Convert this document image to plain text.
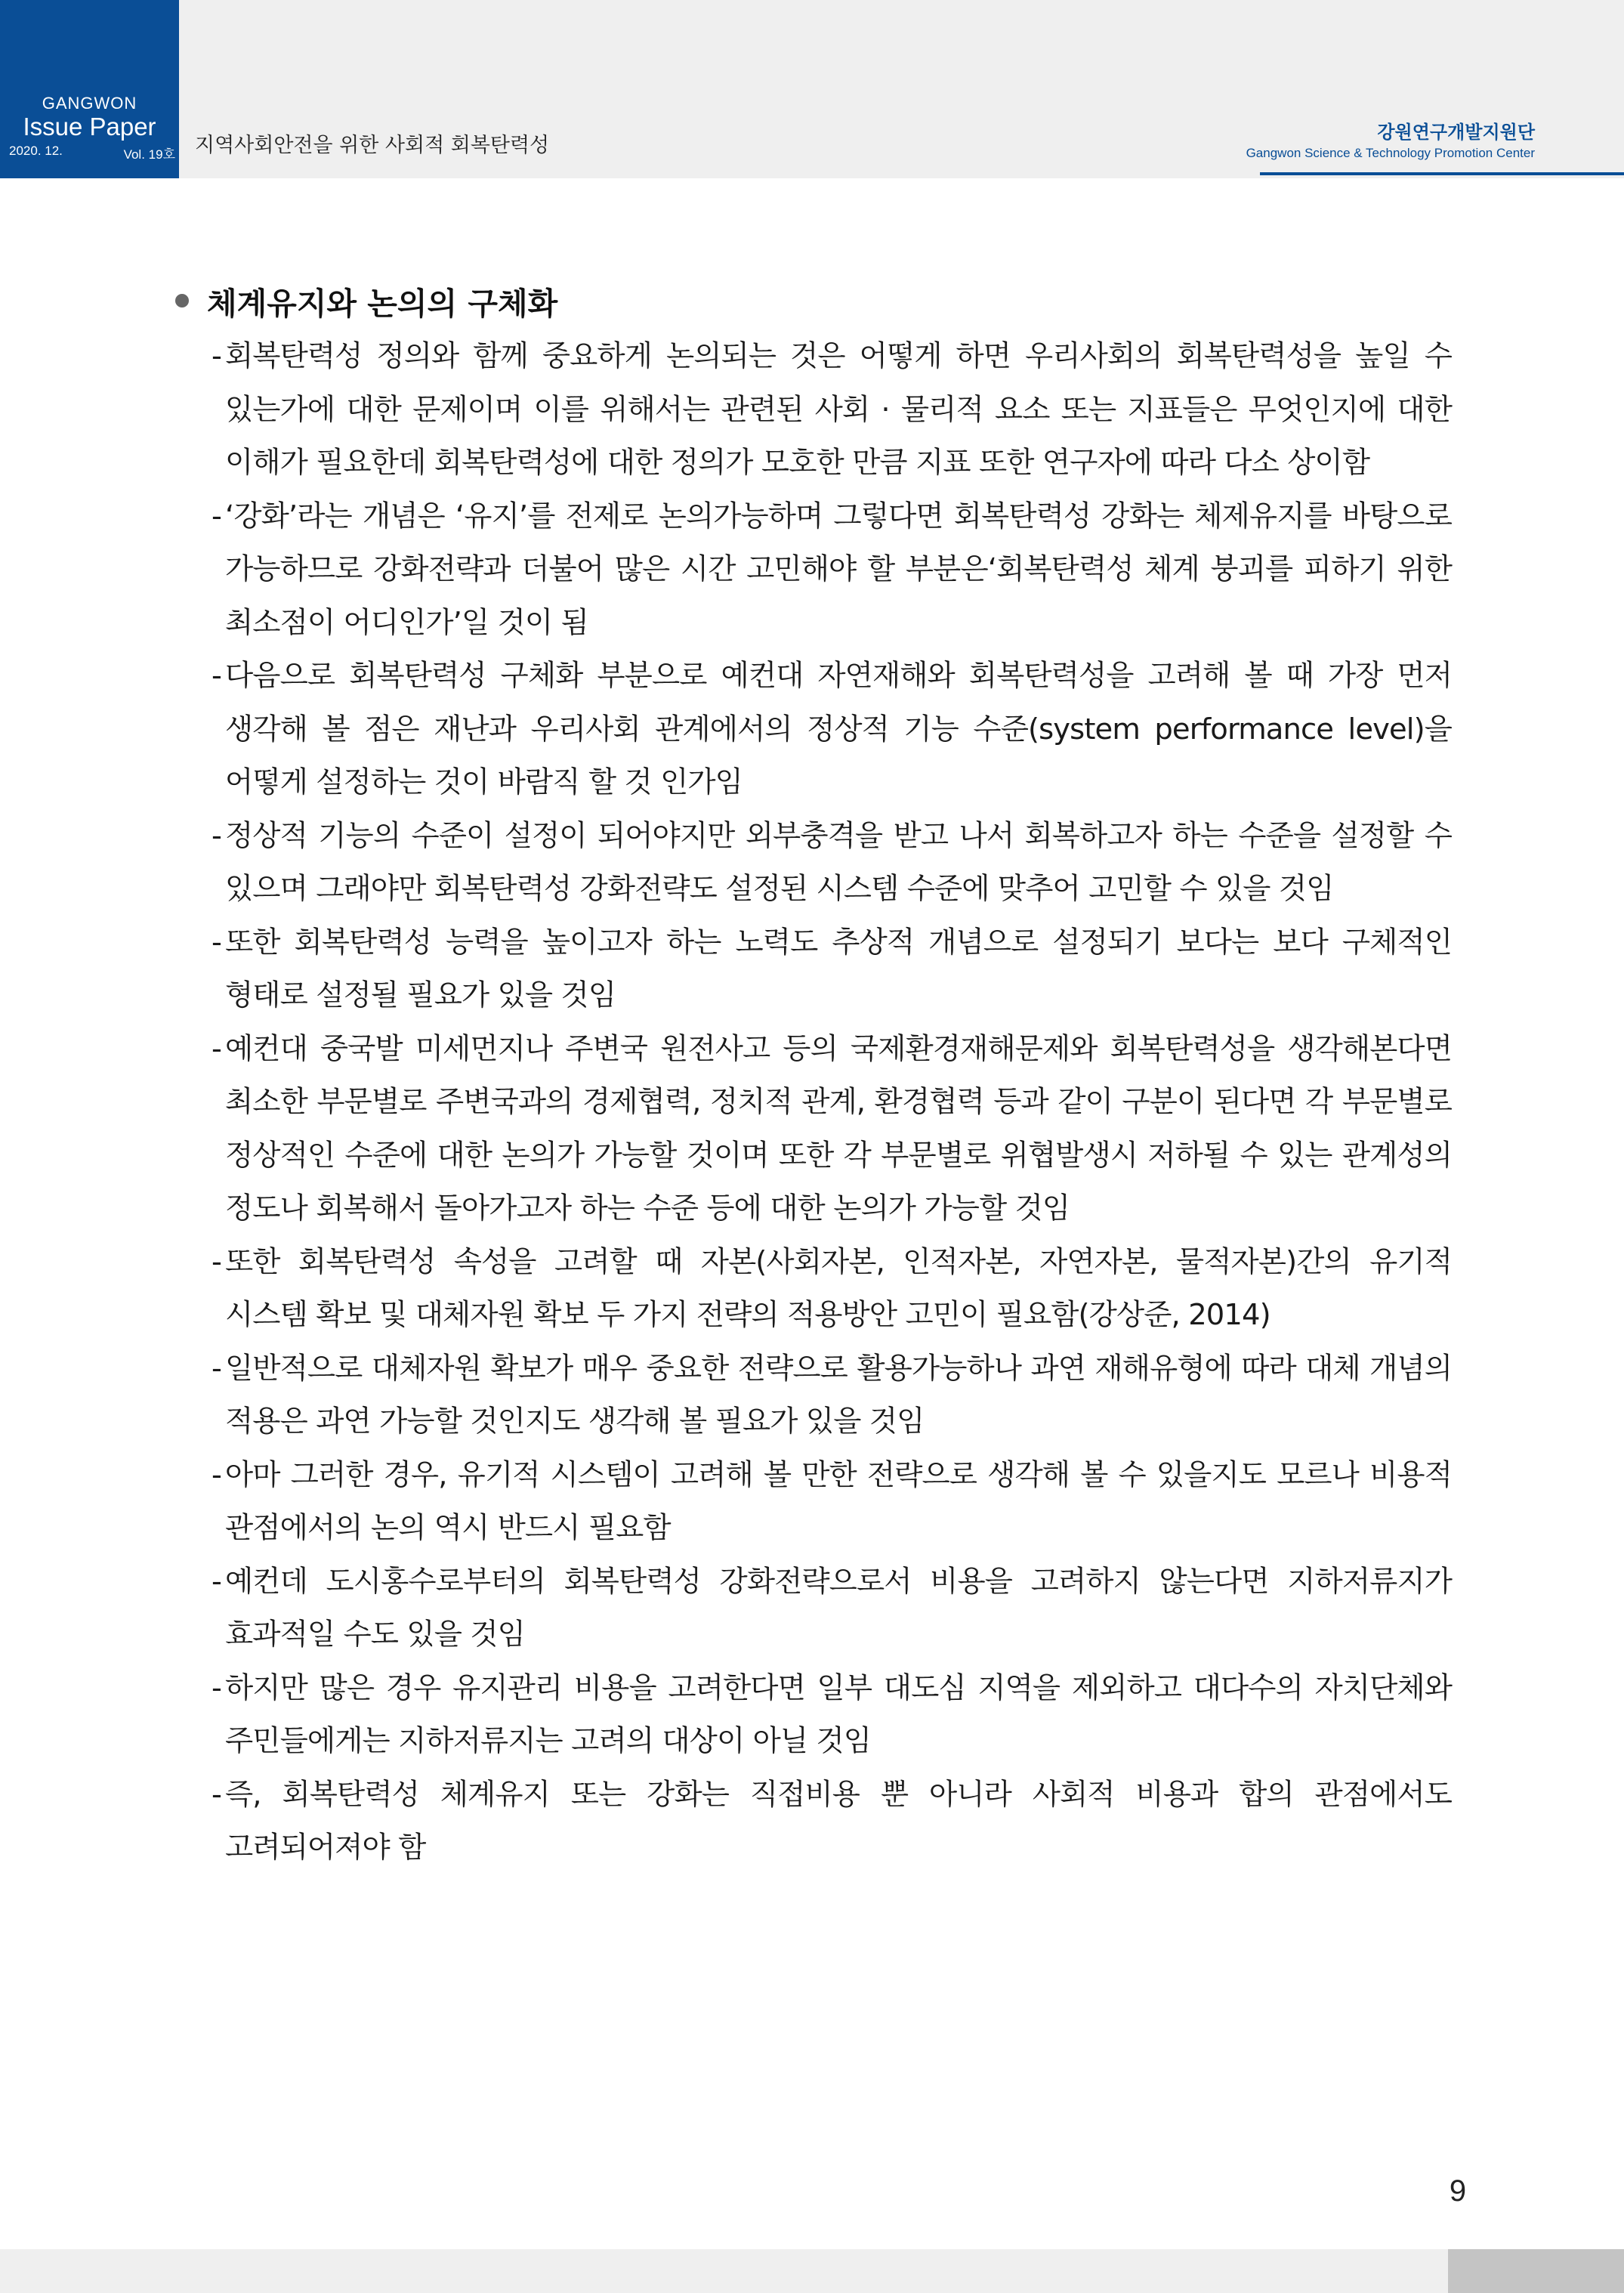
GANGWON
Issue Paper
2020. 12.	Vol. 19호 지역사회안전을 위한 사회적 회복탄력성
강원연구개발지원단
Gangwon Science & Technology Promotion Center
체계유지와 논의의 구체화
- 회복탄력성 정의와 함께 중요하게 논의되는 것은 어떻게 하면 우리사회의 회복탄력성을 높일 수 있는가에 대한 문제이며 이를 위해서는 관련된 사회 · 물리적 요소 또는 지표들은 무엇인지에 대한 이해가 필요한데 회복탄력성에 대한 정의가 모호한 만큼 지표 또한 연구자에 따라 다소 상이함
- ‘강화’라는 개념은 ‘유지’를 전제로 논의가능하며 그렇다면 회복탄력성 강화는 체제유지를 바탕으로 가능하므로 강화전략과 더불어 많은 시간 고민해야 할 부분은‘회복탄력성 체계 붕괴를 피하기 위한 최소점이 어디인가’일 것이 됨
- 다음으로 회복탄력성 구체화 부분으로 예컨대 자연재해와 회복탄력성을 고려해 볼 때 가장 먼저 생각해 볼 점은 재난과 우리사회 관계에서의 정상적 기능 수준(system performance level)을 어떻게 설정하는 것이 바람직 할 것 인가임
- 정상적 기능의 수준이 설정이 되어야지만 외부충격을 받고 나서 회복하고자 하는 수준을 설정할 수 있으며 그래야만 회복탄력성 강화전략도 설정된 시스템 수준에 맞추어 고민할 수 있을 것임
- 또한 회복탄력성 능력을 높이고자 하는 노력도 추상적 개념으로 설정되기 보다는 보다 구체적인 형태로 설정될 필요가 있을 것임
- 예컨대 중국발 미세먼지나 주변국 원전사고 등의 국제환경재해문제와 회복탄력성을 생각해본다면 최소한 부문별로 주변국과의 경제협력, 정치적 관계, 환경협력 등과 같이 구분이 된다면 각 부문별로 정상적인 수준에 대한 논의가 가능할 것이며 또한 각 부문별로 위협발생시 저하될 수 있는 관계성의 정도나 회복해서 돌아가고자 하는 수준 등에 대한 논의가 가능할 것임
- 또한 회복탄력성 속성을 고려할 때 자본(사회자본, 인적자본, 자연자본, 물적자본)간의 유기적 시스템 확보 및 대체자원 확보 두 가지 전략의 적용방안 고민이 필요함(강상준, 2014)
- 일반적으로 대체자원 확보가 매우 중요한 전략으로 활용가능하나 과연 재해유형에 따라 대체 개념의 적용은 과연 가능할 것인지도 생각해 볼 필요가 있을 것임
- 아마 그러한 경우, 유기적 시스템이 고려해 볼 만한 전략으로 생각해 볼 수 있을지도 모르나 비용적 관점에서의 논의 역시 반드시 필요함
- 예컨데 도시홍수로부터의 회복탄력성 강화전략으로서 비용을 고려하지 않는다면 지하저류지가 효과적일 수도 있을 것임
- 하지만 많은 경우 유지관리 비용을 고려한다면 일부 대도심 지역을 제외하고 대다수의 자치단체와 주민들에게는 지하저류지는 고려의 대상이 아닐 것임
- 즉, 회복탄력성 체계유지 또는 강화는 직접비용 뿐 아니라 사회적 비용과 합의 관점에서도 고려되어져야 함
9
